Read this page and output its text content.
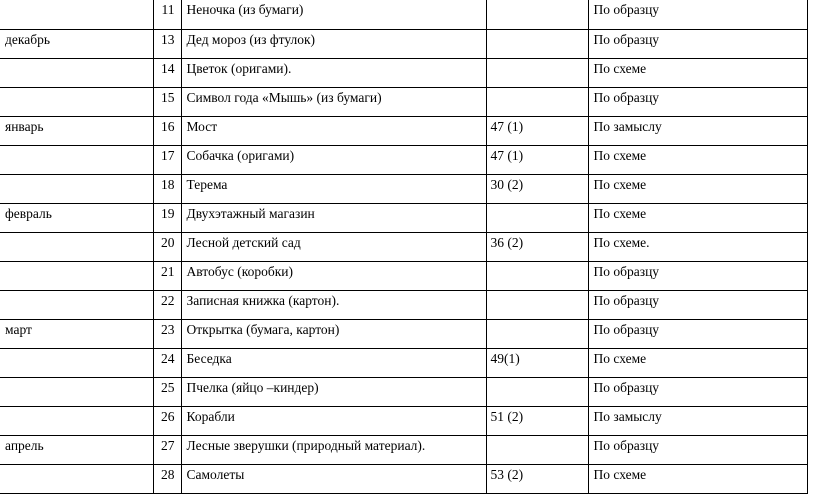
	11	Неночка (из бумаги)		По образцу
декабрь	13	Дед мороз (из фтулок)		По образцу
	14	Цветок (оригами).		По схеме
	15	Символ года «Мышь» (из бумаги)		По образцу
январь	16	Мост	47 (1)	По замыслу
	17	Собачка (оригами)	47 (1)	По схеме
	18	Терема	30 (2)	По схеме
февраль	19	Двухэтажный магазин		По схеме
	20	Лесной детский сад	36 (2)	По схеме.
	21	Автобус (коробки)		По образцу
	22	Записная книжка (картон).		По образцу
март	23	Открытка (бумага, картон)		По образцу
	24	Беседка	49(1)	По схеме
	25	Пчелка (яйцо –киндер)		По образцу
	26	Корабли	51 (2)	По замыслу
апрель	27	Лесные зверушки (природный материал).		По образцу
	28	Самолеты	53 (2)	По схеме
